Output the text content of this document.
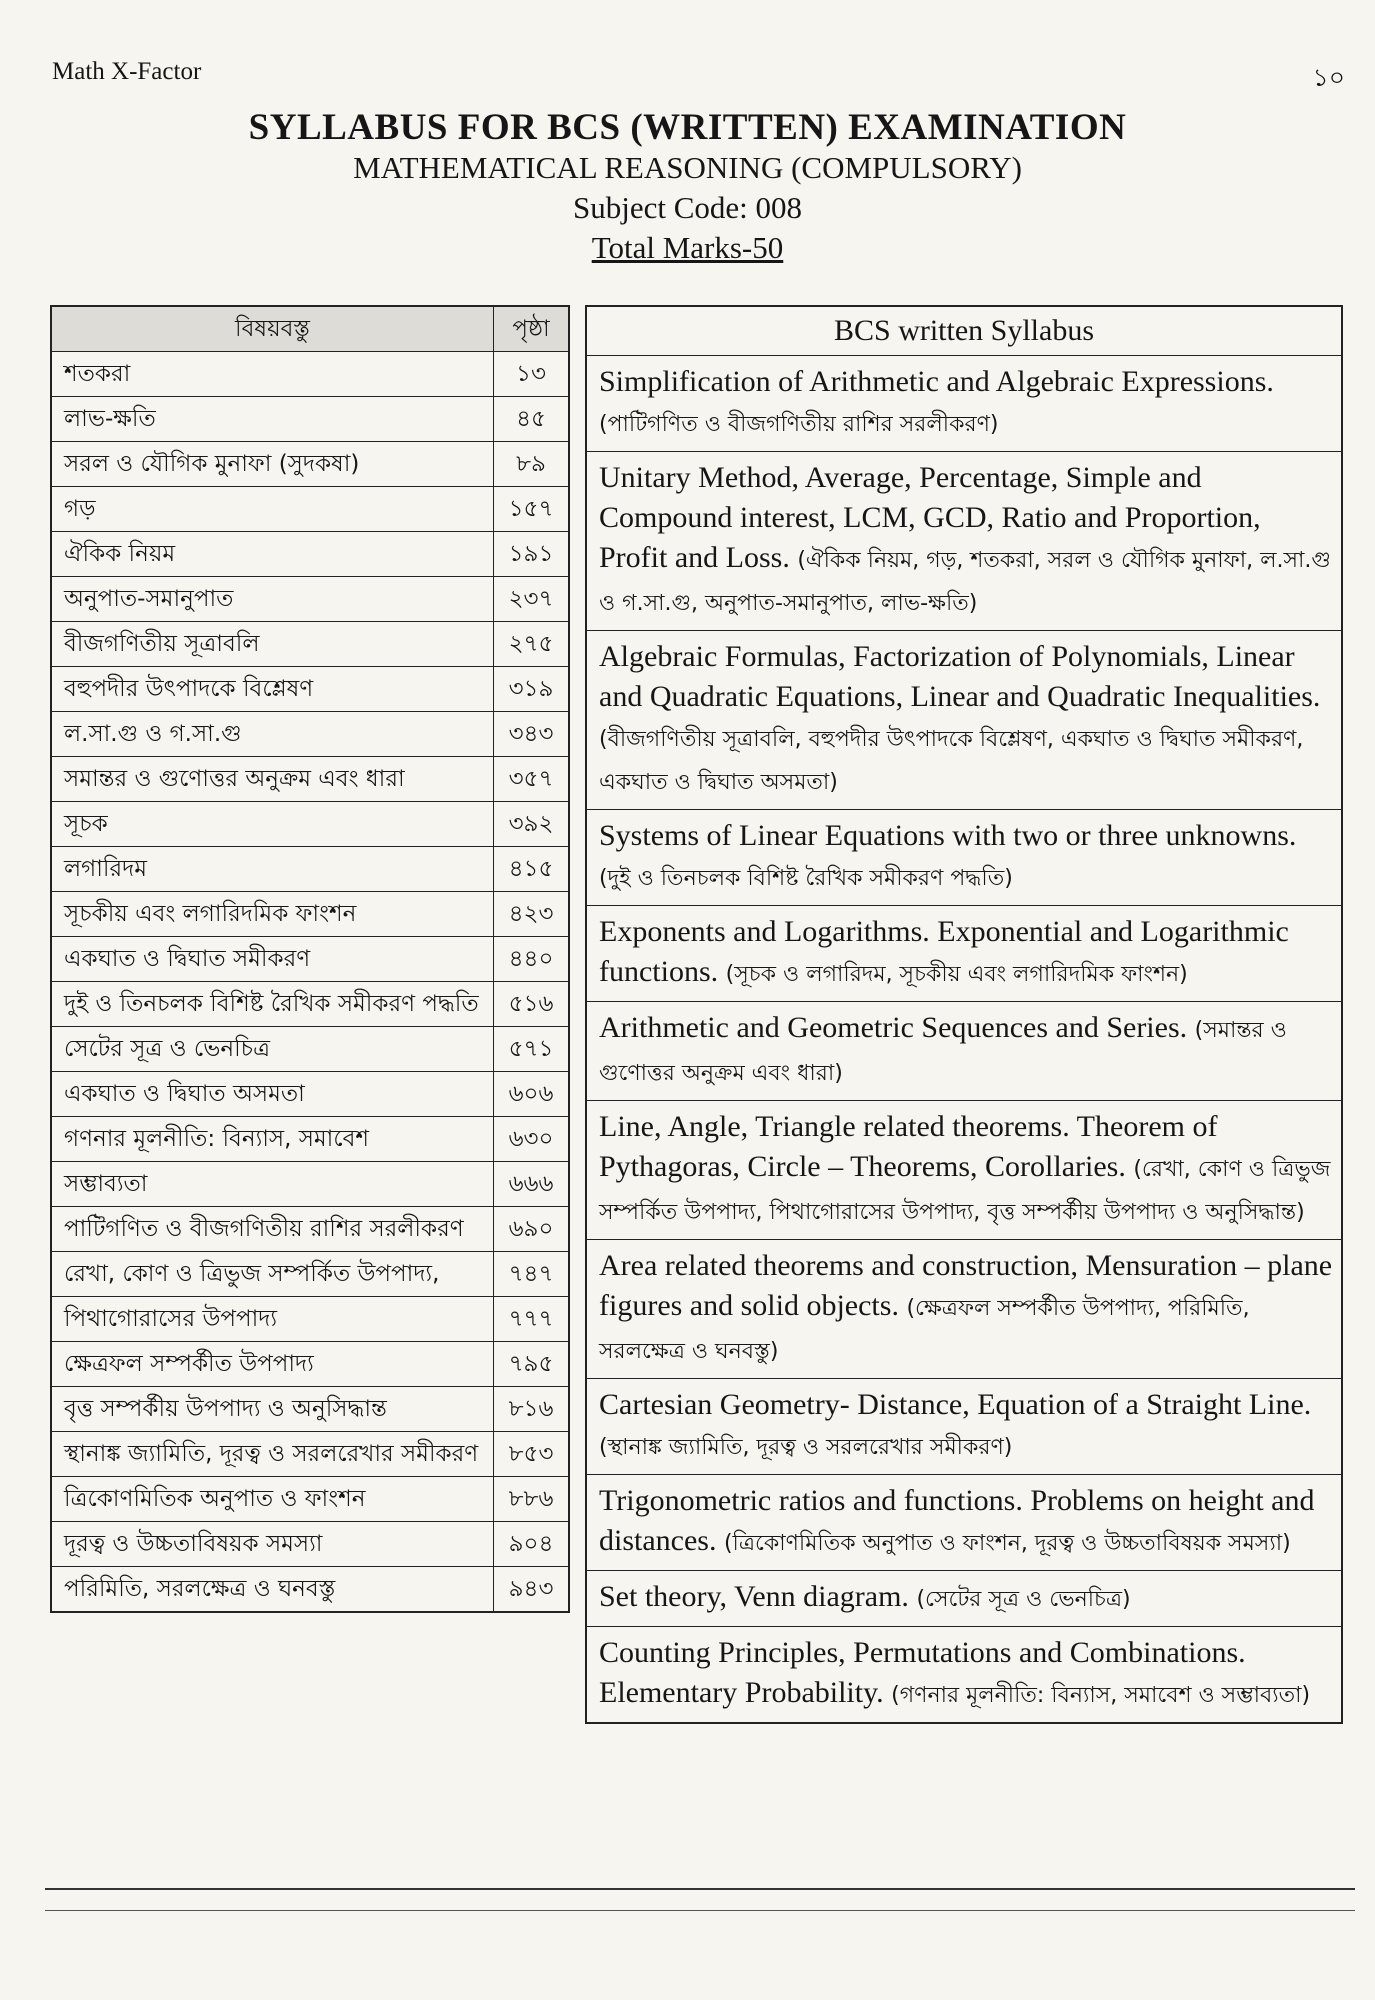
Math X-Factor	১০
SYLLABUS FOR BCS (WRITTEN) EXAMINATION
MATHEMATICAL REASONING (COMPULSORY)
Subject Code: 008
Total Marks-50
বিষয়বস্তু	পৃষ্ঠা
শতকরা	১৩
লাভ-ক্ষতি	৪৫
সরল ও যৌগিক মুনাফা (সুদকষা)	৮৯
গড়	১৫৭
ঐকিক নিয়ম	১৯১
অনুপাত-সমানুপাত	২৩৭
বীজগণিতীয় সূত্রাবলি	২৭৫
বহুপদীর উৎপাদকে বিশ্লেষণ	৩১৯
ল.সা.গু ও গ.সা.গু	৩৪৩
সমান্তর ও গুণোত্তর অনুক্রম এবং ধারা	৩৫৭
সূচক	৩৯২
লগারিদম	৪১৫
সূচকীয় এবং লগারিদমিক ফাংশন	৪২৩
একঘাত ও দ্বিঘাত সমীকরণ	৪৪০
দুই ও তিনচলক বিশিষ্ট রৈখিক সমীকরণ পদ্ধতি	৫১৬
সেটের সূত্র ও ভেনচিত্র	৫৭১
একঘাত ও দ্বিঘাত অসমতা	৬০৬
গণনার মূলনীতি: বিন্যাস, সমাবেশ	৬৩০
সম্ভাব্যতা	৬৬৬
পাটিগণিত ও বীজগণিতীয় রাশির সরলীকরণ	৬৯০
রেখা, কোণ ও ত্রিভুজ সম্পর্কিত উপপাদ্য,	৭৪৭
পিথাগোরাসের উপপাদ্য	৭৭৭
ক্ষেত্রফল সম্পর্কীত উপপাদ্য	৭৯৫
বৃত্ত সম্পর্কীয় উপপাদ্য ও অনুসিদ্ধান্ত	৮১৬
স্থানাঙ্ক জ্যামিতি, দূরত্ব ও সরলরেখার সমীকরণ	৮৫৩
ত্রিকোণমিতিক অনুপাত ও ফাংশন	৮৮৬
দূরত্ব ও উচ্চতাবিষয়ক সমস্যা	৯০৪
পরিমিতি, সরলক্ষেত্র ও ঘনবস্তু	৯৪৩
BCS written Syllabus
Simplification of Arithmetic and Algebraic Expressions. (পাটিগণিত ও বীজগণিতীয় রাশির সরলীকরণ)
Unitary Method, Average, Percentage, Simple and Compound interest, LCM, GCD, Ratio and Proportion, Profit and Loss. (ঐকিক নিয়ম, গড়, শতকরা, সরল ও যৌগিক মুনাফা, ল.সা.গু ও গ.সা.গু, অনুপাত-সমানুপাত, লাভ-ক্ষতি)
Algebraic Formulas, Factorization of Polynomials, Linear and Quadratic Equations, Linear and Quadratic Inequalities. (বীজগণিতীয় সূত্রাবলি, বহুপদীর উৎপাদকে বিশ্লেষণ, একঘাত ও দ্বিঘাত সমীকরণ, একঘাত ও দ্বিঘাত অসমতা)
Systems of Linear Equations with two or three unknowns. (দুই ও তিনচলক বিশিষ্ট রৈখিক সমীকরণ পদ্ধতি)
Exponents and Logarithms. Exponential and Logarithmic functions. (সূচক ও লগারিদম, সূচকীয় এবং লগারিদমিক ফাংশন)
Arithmetic and Geometric Sequences and Series. (সমান্তর ও গুণোত্তর অনুক্রম এবং ধারা)
Line, Angle, Triangle related theorems. Theorem of Pythagoras, Circle – Theorems, Corollaries. (রেখা, কোণ ও ত্রিভুজ সম্পর্কিত উপপাদ্য, পিথাগোরাসের উপপাদ্য, বৃত্ত সম্পর্কীয় উপপাদ্য ও অনুসিদ্ধান্ত)
Area related theorems and construction, Mensuration – plane figures and solid objects. (ক্ষেত্রফল সম্পর্কীত উপপাদ্য, পরিমিতি, সরলক্ষেত্র ও ঘনবস্তু)
Cartesian Geometry- Distance, Equation of a Straight Line. (স্থানাঙ্ক জ্যামিতি, দূরত্ব ও সরলরেখার সমীকরণ)
Trigonometric ratios and functions. Problems on height and distances. (ত্রিকোণমিতিক অনুপাত ও ফাংশন, দূরত্ব ও উচ্চতাবিষয়ক সমস্যা)
Set theory, Venn diagram. (সেটের সূত্র ও ভেনচিত্র)
Counting Principles, Permutations and Combinations. Elementary Probability. (গণনার মূলনীতি: বিন্যাস, সমাবেশ ও সম্ভাব্যতা)
